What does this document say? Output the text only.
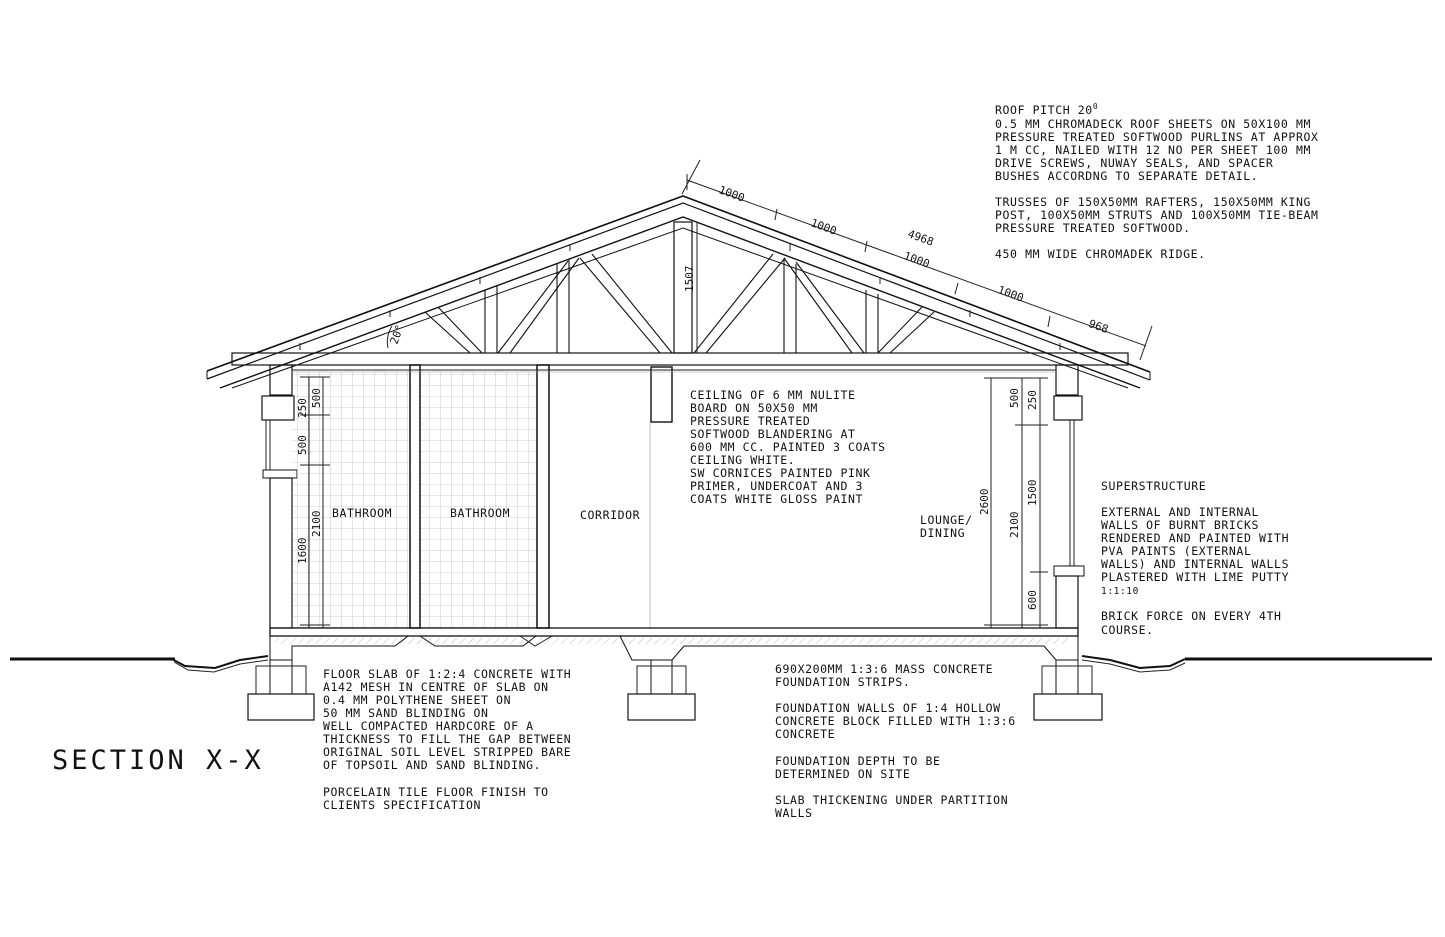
ROOF PITCH $20^0$ 0.5 MM CHROMADECK ROOF SHEETS ON 50X100 MM PRESSURE TREATED SOFTWOOD PURLINS AT APPROX 1 M CC, NAILED WITH 12 NO PER SHEET 100 MM DRIVE SCREWS, NUWAY SEALS, AND SPACER BUSHES ACCORDNG TO SEPARATE DETAIL. TRUSSES OF 150X50MM RAFTERS, 150X50MM KING POST, 100X50MM STRUTS AND 100X50MM TIE-BEAM PRESSURE TREATED SOFTWOOD. 450 MM WIDE CHROMADEK RIDGE.
CEILING OF 6 MM NULITE BOARD ON 50X50 MM PRESSURE TREATED SOFTWOOD BLANDERING AT 600 MM CC. PAINTED 3 COATS CEILING WHITE. SW CORNICES PAINTED PINK PRIMER, UNDERCOAT AND 3 COATS WHITE GLOSS PAINT
SUPERSTRUCTURE EXTERNAL AND INTERNAL WALLS OF BURNT BRICKS RENDERED AND PAINTED WITH PVA PAINTS (EXTERNAL WALLS) AND INTERNAL WALLS PLASTERED WITH LIME PUTTY 1:1:10 BRICK FORCE ON EVERY 4TH COURSE.
FLOOR SLAB OF 1:2:4 CONCRETE WITH A142 MESH IN CENTRE OF SLAB ON 0.4 MM POLYTHENE SHEET ON 50 MM SAND BLINDING ON WELL COMPACTED HARDCORE OF A THICKNESS TO FILL THE GAP BETWEEN ORIGINAL SOIL LEVEL STRIPPED BARE OF TOPSOIL AND SAND BLINDING. PORCELAIN TILE FLOOR FINISH TO CLIENTS SPECIFICATION
690X200MM 1:3:6 MASS CONCRETE FOUNDATION STRIPS. FOUNDATION WALLS OF 1:4 HOLLOW CONCRETE BLOCK FILLED WITH 1:3:6 CONCRETE FOUNDATION DEPTH TO BE DETERMINED ON SITE SLAB THICKENING UNDER PARTITION WALLS
BATHROOM	BATHROOM	CORRIDOR	LOUNGE/ DINING
SECTION X-X
1000
1000
4968
1000
1000
968
1507
20°
250
500
500
1600
2100
500 250
2600
2100
1500
600
